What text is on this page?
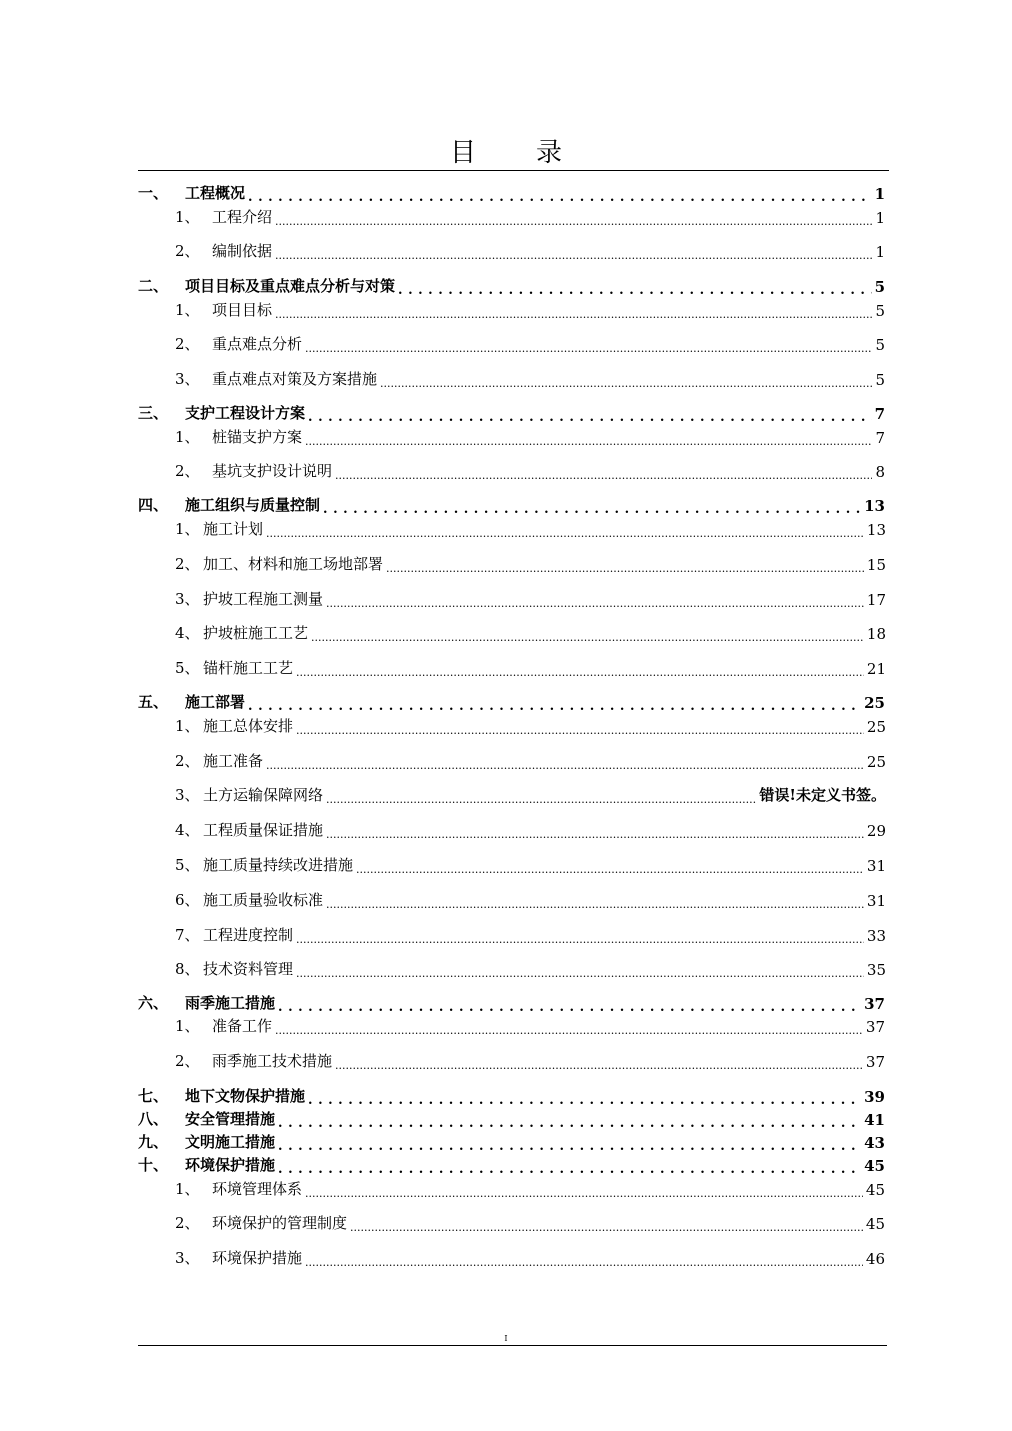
目 录
一、	工程概况 . . .	1
1、 工程介绍 .....	1
2、 编制依据 .....	1
二、	项目目标及重点难点分析与对策 . . .	5
1、 项目目标 .....	5
2、 重点难点分析 .....	5
3、 重点难点对策及方案措施 .....	5
三、	支护工程设计方案 . . .	7
1、 桩锚支护方案 .....	7
2、 基坑支护设计说明 .....	8
四、	施工组织与质量控制 . . .	13
1、 施工计划 .....	13
2、 加工、材料和施工场地部署 .....	15
3、 护坡工程施工测量 .....	17
4、 护坡桩施工工艺 .....	18
5、 锚杆施工工艺 .....	21
五、	施工部署 . . .	25
1、 施工总体安排 .....	25
2、 施工准备 .....	25
3、 土方运输保障网络 .....	错误!未定义书签。
4、 工程质量保证措施 .....	29
5、 施工质量持续改进措施 .....	31
6、 施工质量验收标准 .....	31
7、 工程进度控制 .....	33
8、 技术资料管理 .....	35
六、	雨季施工措施 . . .	37
1、 准备工作 .....	37
2、 雨季施工技术措施 .....	37
七、	地下文物保护措施 . . .	39
八、	安全管理措施 . . .	41
九、	文明施工措施 . . .	43
十、	环境保护措施 . . .	45
1、 环境管理体系 .....	45
2、 环境保护的管理制度 .....	45
3、 环境保护措施 .....	46
I
